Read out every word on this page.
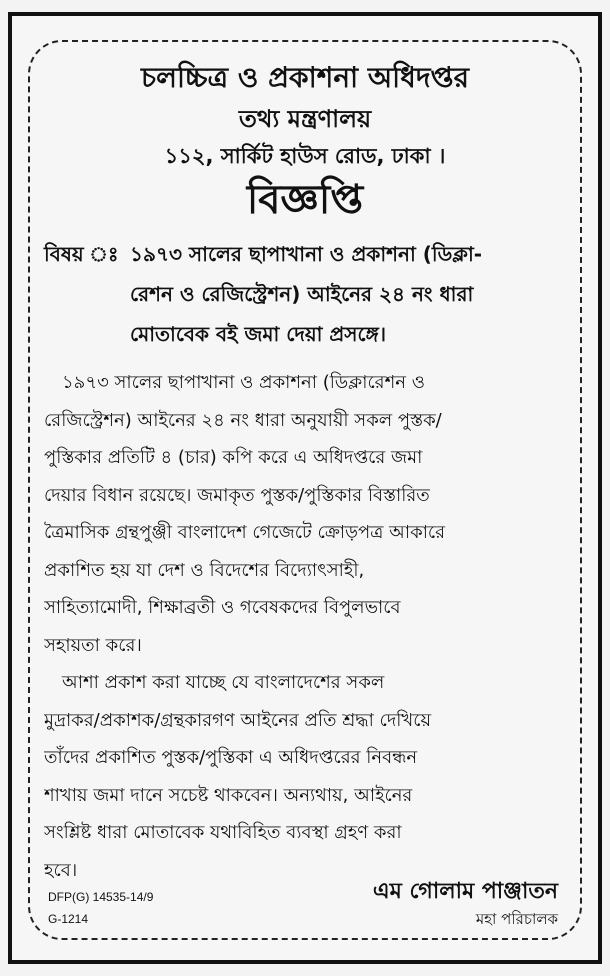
চলচ্চিত্র ও প্রকাশনা অধিদপ্তর
তথ্য মন্ত্রণালয়
১১২, সার্কিট হাউস রোড, ঢাকা ।
বিজ্ঞপ্তি
বিষয় ঃ ১৯৭৩ সালের ছাপাখানা ও প্রকাশনা (ডিক্লা-
রেশন ও রেজিস্ট্রেশন) আইনের ২৪ নং ধারা
মোতাবেক বই জমা দেয়া প্রসঙ্গে।
১৯৭৩ সালের ছাপাখানা ও প্রকাশনা (ডিক্লারেশন ও
রেজিস্ট্রেশন) আইনের ২৪ নং ধারা অনুযায়ী সকল পুস্তক/
পুস্তিকার প্রতিটি ৪ (চার) কপি করে এ অধিদপ্তরে জমা
দেয়ার বিধান রয়েছে। জমাকৃত পুস্তক/পুস্তিকার বিস্তারিত
ত্রৈমাসিক গ্রন্থপুঞ্জী বাংলাদেশ গেজেটে ক্রোড়পত্র আকারে
প্রকাশিত হয় যা দেশ ও বিদেশের বিদ্যোৎসাহী,
সাহিত্যামোদী, শিক্ষাব্রতী ও গবেষকদের বিপুলভাবে
সহায়তা করে।
আশা প্রকাশ করা যাচ্ছে যে বাংলাদেশের সকল
মুদ্রাকর/প্রকাশক/গ্রন্থকারগণ আইনের প্রতি শ্রদ্ধা দেখিয়ে
তাঁদের প্রকাশিত পুস্তক/পুস্তিকা এ অধিদপ্তরের নিবন্ধন
শাখায় জমা দানে সচেষ্ট থাকবেন। অন্যথায়, আইনের
সংশ্লিষ্ট ধারা মোতাবেক যথাবিহিত ব্যবস্থা গ্রহণ করা
হবে।
DFP(G) 14535-14/9
G-1214
এম গোলাম পাঞ্জাতন
মহা পরিচালক
